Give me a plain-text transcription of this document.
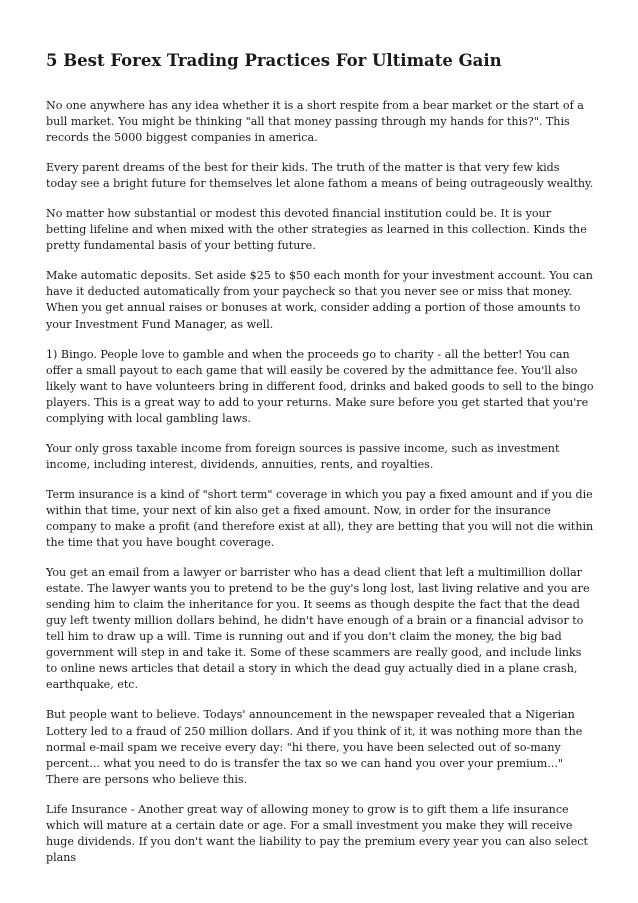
5 Best Forex Trading Practices For Ultimate Gain

No one anywhere has any idea whether it is a short respite from a bear market or the start of a bull market. You might be thinking "all that money passing through my hands for this?". This records the 5000 biggest companies in america.

Every parent dreams of the best for their kids. The truth of the matter is that very few kids today see a bright future for themselves let alone fathom a means of being outrageously wealthy.

No matter how substantial or modest this devoted financial institution could be. It is your betting lifeline and when mixed with the other strategies as learned in this collection. Kinds the pretty fundamental basis of your betting future.

Make automatic deposits. Set aside $25 to $50 each month for your investment account. You can have it deducted automatically from your paycheck so that you never see or miss that money. When you get annual raises or bonuses at work, consider adding a portion of those amounts to your Investment Fund Manager, as well.

1) Bingo. People love to gamble and when the proceeds go to charity - all the better! You can offer a small payout to each game that will easily be covered by the admittance fee. You'll also likely want to have volunteers bring in different food, drinks and baked goods to sell to the bingo players. This is a great way to add to your returns. Make sure before you get started that you're complying with local gambling laws.

Your only gross taxable income from foreign sources is passive income, such as investment income, including interest, dividends, annuities, rents, and royalties.

Term insurance is a kind of "short term" coverage in which you pay a fixed amount and if you die within that time, your next of kin also get a fixed amount. Now, in order for the insurance company to make a profit (and therefore exist at all), they are betting that you will not die within the time that you have bought coverage.

You get an email from a lawyer or barrister who has a dead client that left a multimillion dollar estate. The lawyer wants you to pretend to be the guy's long lost, last living relative and you are sending him to claim the inheritance for you. It seems as though despite the fact that the dead guy left twenty million dollars behind, he didn't have enough of a brain or a financial advisor to tell him to draw up a will. Time is running out and if you don't claim the money, the big bad government will step in and take it. Some of these scammers are really good, and include links to online news articles that detail a story in which the dead guy actually died in a plane crash, earthquake, etc.

But people want to believe. Todays' announcement in the newspaper revealed that a Nigerian Lottery led to a fraud of 250 million dollars. And if you think of it, it was nothing more than the normal e-mail spam we receive every day: "hi there, you have been selected out of so-many percent... what you need to do is transfer the tax so we can hand you over your premium..." There are persons who believe this.

Life Insurance - Another great way of allowing money to grow is to gift them a life insurance which will mature at a certain date or age. For a small investment you make they will receive huge dividends. If you don't want the liability to pay the premium every year you can also select plans
